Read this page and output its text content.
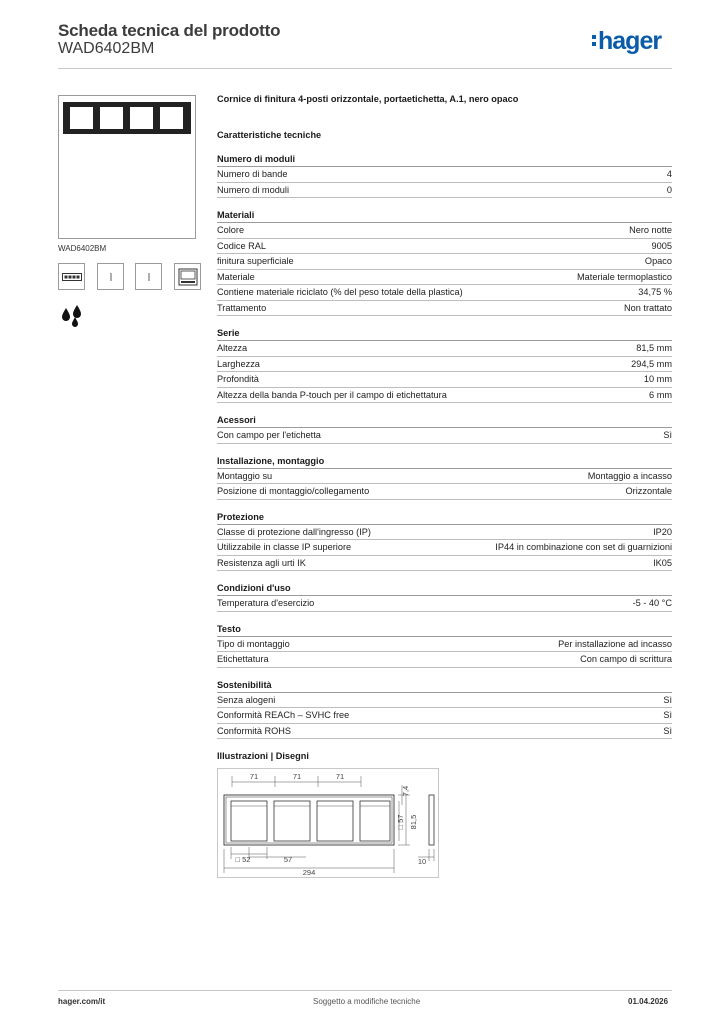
Scheda tecnica del prodotto
WAD6402BM	hager
WAD6402BM
Cornice di finitura 4-posti orizzontale, portaetichetta, A.1, nero opaco
Caratteristiche tecniche
Numero di moduli
Numero di bande	4
Numero di moduli	0
Materiali
Colore	Nero notte
Codice RAL	9005
finitura superficiale	Opaco
Materiale	Materiale termoplastico
Contiene materiale riciclato (% del peso totale della plastica)	34,75 %
Trattamento	Non trattato
Serie
Altezza	81,5 mm
Larghezza	294,5 mm
Profondità	10 mm
Altezza della banda P-touch per il campo di etichettatura	6 mm
Acessori
Con campo per l'etichetta	Sì
Installazione, montaggio
Montaggio su	Montaggio a incasso
Posizione di montaggio/collegamento	Orizzontale
Protezione
Classe di protezione dall'ingresso (IP)	IP20
Utilizzabile in classe IP superiore	IP44 in combinazione con set di guarnizioni
Resistenza agli urti IK	IK05
Condizioni d'uso
Temperatura d'esercizio	-5 - 40 °C
Testo
Tipo di montaggio	Per installazione ad incasso
Etichettatura	Con campo di scrittura
Sostenibilità
Senza alogeni	Sì
Conformità REACh – SVHC free	Sì
Conformità ROHS	Sì
Illustrazioni | Disegni
71	71	71
7,4
□ 57 81,5
□ 52	57	10
294
hager.com/it	Soggetto a modifiche tecniche	01.04.2026
